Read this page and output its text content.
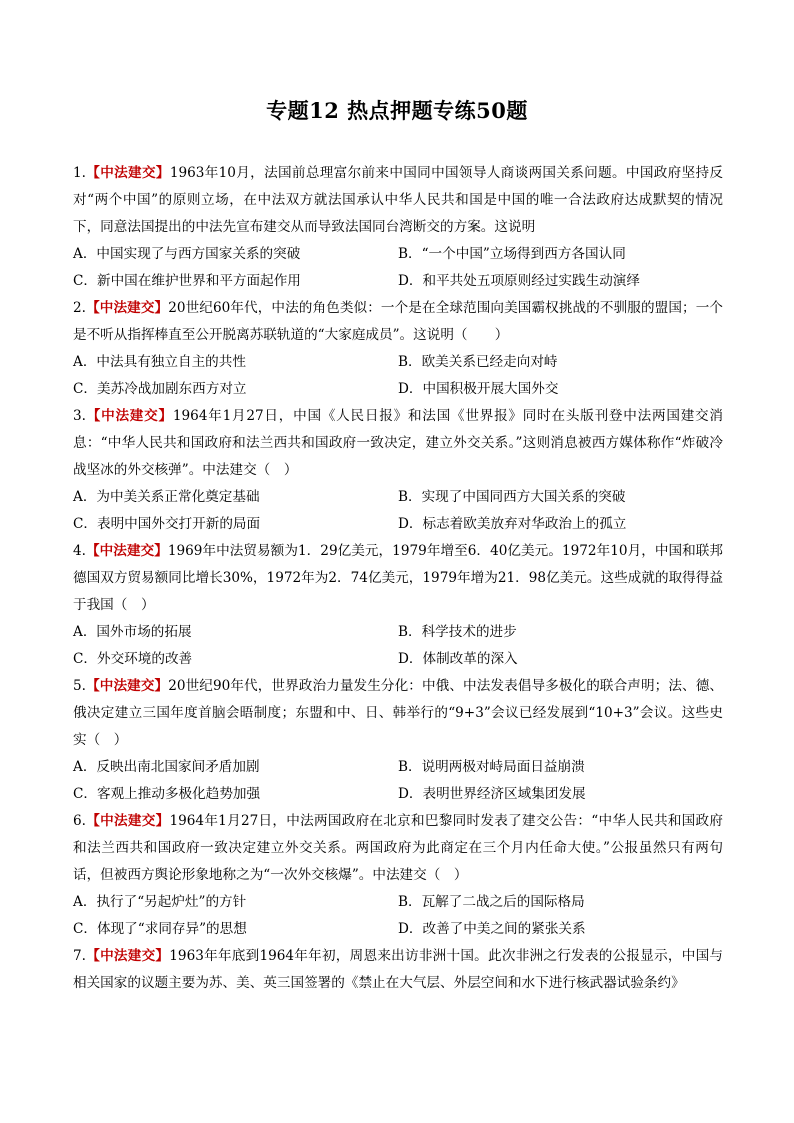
专题12 热点押题专练50题

1.【中法建交】1963年10月，法国前总理富尔前来中国同中国领导人商谈两国关系问题。中国政府坚持反对“两个中国”的原则立场，在中法双方就法国承认中华人民共和国是中国的唯一合法政府达成默契的情况下，同意法国提出的中法先宣布建交从而导致法国同台湾断交的方案。这说明

A．中国实现了与西方国家关系的突破	B．“一个中国”立场得到西方各国认同
C．新中国在维护世界和平方面起作用	D．和平共处五项原则经过实践生动演绎

2.【中法建交】20世纪60年代，中法的角色类似：一个是在全球范围向美国霸权挑战的不驯服的盟国；一个是不听从指挥棒直至公开脱离苏联轨道的“大家庭成员”。这说明（　　）

A．中法具有独立自主的共性	B．欧美关系已经走向对峙
C．美苏冷战加剧东西方对立	D．中国积极开展大国外交

3.【中法建交】1964年1月27日，中国《人民日报》和法国《世界报》同时在头版刊登中法两国建交消息：“中华人民共和国政府和法兰西共和国政府一致决定，建立外交关系。”这则消息被西方媒体称作“炸破冷战坚冰的外交核弹”。中法建交（　）

A．为中美关系正常化奠定基础	B．实现了中国同西方大国关系的突破
C．表明中国外交打开新的局面	D．标志着欧美放弃对华政治上的孤立

4.【中法建交】1969年中法贸易额为1．29亿美元，1979年增至6．40亿美元。1972年10月，中国和联邦德国双方贸易额同比增长30%，1972年为2．74亿美元，1979年增为21．98亿美元。这些成就的取得得益于我国（　）

A．国外市场的拓展	B．科学技术的进步
C．外交环境的改善	D．体制改革的深入

5.【中法建交】20世纪90年代，世界政治力量发生分化：中俄、中法发表倡导多极化的联合声明；法、德、俄决定建立三国年度首脑会晤制度；东盟和中、日、韩举行的“9+3”会议已经发展到“10+3”会议。这些史实（　）

A．反映出南北国家间矛盾加剧	B．说明两极对峙局面日益崩溃
C．客观上推动多极化趋势加强	D．表明世界经济区域集团发展

6.【中法建交】1964年1月27日，中法两国政府在北京和巴黎同时发表了建交公告：“中华人民共和国政府和法兰西共和国政府一致决定建立外交关系。两国政府为此商定在三个月内任命大使。”公报虽然只有两句话，但被西方舆论形象地称之为“一次外交核爆”。中法建交（　）

A．执行了“另起炉灶”的方针	B．瓦解了二战之后的国际格局
C．体现了“求同存异”的思想	D．改善了中美之间的紧张关系

7.【中法建交】1963年年底到1964年年初，周恩来出访非洲十国。此次非洲之行发表的公报显示，中国与相关国家的议题主要为苏、美、英三国签署的《禁止在大气层、外层空间和水下进行核武器试验条约》
